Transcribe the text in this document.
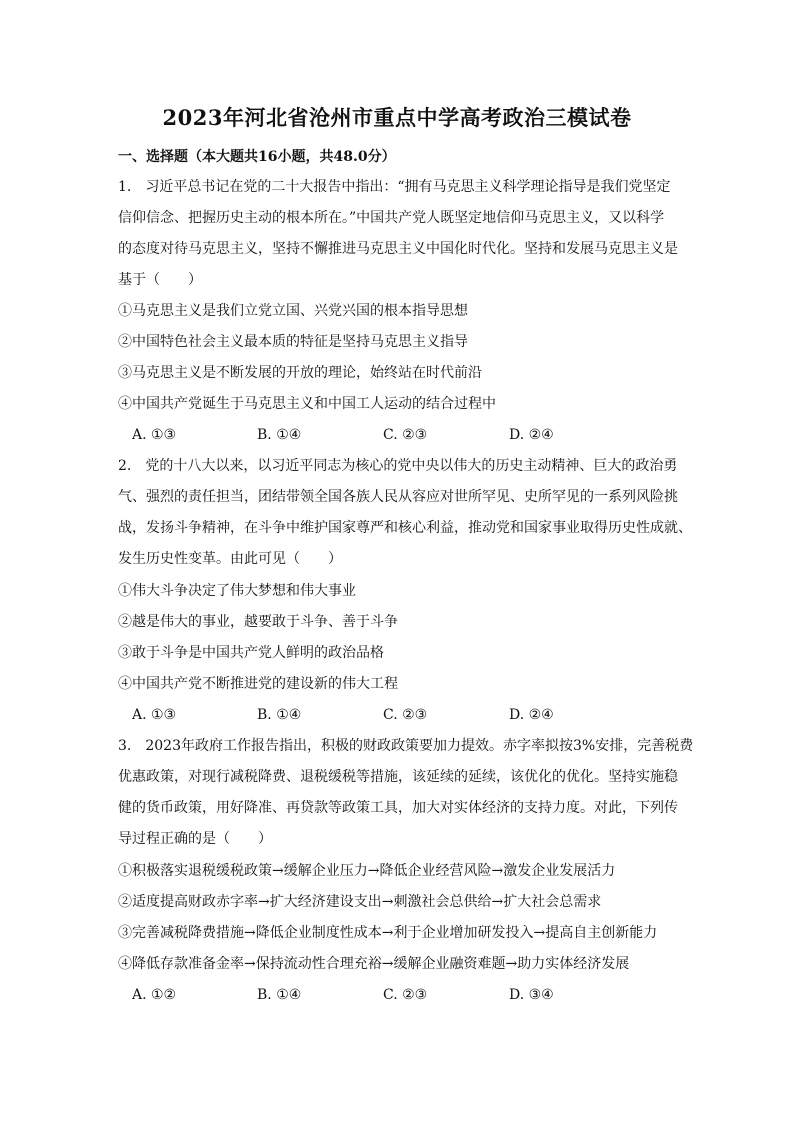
2023年河北省沧州市重点中学高考政治三模试卷
一、选择题（本大题共16小题，共48.0分）
1.　习近平总书记在党的二十大报告中指出：“拥有马克思主义科学理论指导是我们党坚定
信仰信念、把握历史主动的根本所在。”中国共产党人既坚定地信仰马克思主义，又以科学
的态度对待马克思主义，坚持不懈推进马克思主义中国化时代化。坚持和发展马克思主义是
基于（　　）
①马克思主义是我们立党立国、兴党兴国的根本指导思想
②中国特色社会主义最本质的特征是坚持马克思主义指导
③马克思主义是不断发展的开放的理论，始终站在时代前沿
④中国共产党诞生于马克思主义和中国工人运动的结合过程中
A. ①③	B. ①④	C. ②③	D. ②④
2.　党的十八大以来，以习近平同志为核心的党中央以伟大的历史主动精神、巨大的政治勇
气、强烈的责任担当，团结带领全国各族人民从容应对世所罕见、史所罕见的一系列风险挑
战，发扬斗争精神，在斗争中维护国家尊严和核心利益，推动党和国家事业取得历史性成就、
发生历史性变革。由此可见（　　）
①伟大斗争决定了伟大梦想和伟大事业
②越是伟大的事业，越要敢于斗争、善于斗争
③敢于斗争是中国共产党人鲜明的政治品格
④中国共产党不断推进党的建设新的伟大工程
A. ①③	B. ①④	C. ②③	D. ②④
3.　2023年政府工作报告指出，积极的财政政策要加力提效。赤字率拟按3%安排，完善税费
优惠政策，对现行减税降费、退税缓税等措施，该延续的延续，该优化的优化。坚持实施稳
健的货币政策，用好降准、再贷款等政策工具，加大对实体经济的支持力度。对此，下列传
导过程正确的是（　　）
①积极落实退税缓税政策→缓解企业压力→降低企业经营风险→激发企业发展活力
②适度提高财政赤字率→扩大经济建设支出→刺激社会总供给→扩大社会总需求
③完善减税降费措施→降低企业制度性成本→利于企业增加研发投入→提高自主创新能力
④降低存款准备金率→保持流动性合理充裕→缓解企业融资难题→助力实体经济发展
A. ①②	B. ①④	C. ②③	D. ③④
